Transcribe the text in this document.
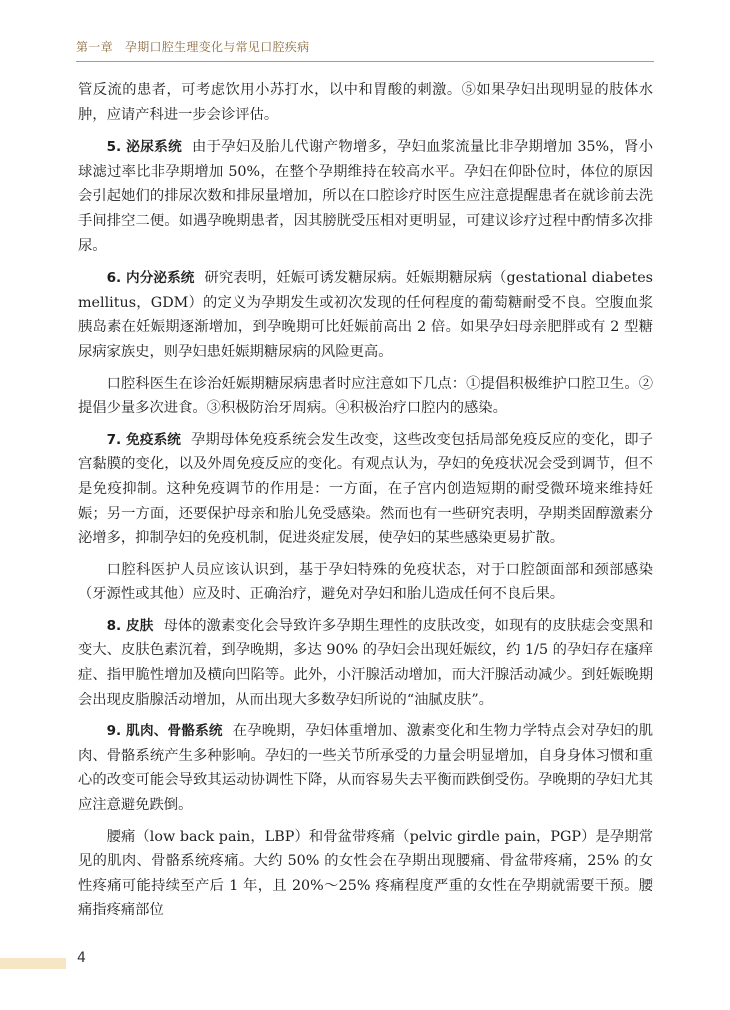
第一章 孕期口腔生理变化与常见口腔疾病

管反流的患者，可考虑饮用小苏打水，以中和胃酸的刺激。⑤如果孕妇出现明显的肢体水肿，应请产科进一步会诊评估。

5. 泌尿系统 由于孕妇及胎儿代谢产物增多，孕妇血浆流量比非孕期增加 35%，肾小球滤过率比非孕期增加 50%，在整个孕期维持在较高水平。孕妇在仰卧位时，体位的原因会引起她们的排尿次数和排尿量增加，所以在口腔诊疗时医生应注意提醒患者在就诊前去洗手间排空二便。如遇孕晚期患者，因其膀胱受压相对更明显，可建议诊疗过程中酌情多次排尿。

6. 内分泌系统 研究表明，妊娠可诱发糖尿病。妊娠期糖尿病（gestational diabetes mellitus，GDM）的定义为孕期发生或初次发现的任何程度的葡萄糖耐受不良。空腹血浆胰岛素在妊娠期逐渐增加，到孕晚期可比妊娠前高出 2 倍。如果孕妇母亲肥胖或有 2 型糖尿病家族史，则孕妇患妊娠期糖尿病的风险更高。

口腔科医生在诊治妊娠期糖尿病患者时应注意如下几点：①提倡积极维护口腔卫生。②提倡少量多次进食。③积极防治牙周病。④积极治疗口腔内的感染。

7. 免疫系统 孕期母体免疫系统会发生改变，这些改变包括局部免疫反应的变化，即子宫黏膜的变化，以及外周免疫反应的变化。有观点认为，孕妇的免疫状况会受到调节，但不是免疫抑制。这种免疫调节的作用是：一方面，在子宫内创造短期的耐受微环境来维持妊娠；另一方面，还要保护母亲和胎儿免受感染。然而也有一些研究表明，孕期类固醇激素分泌增多，抑制孕妇的免疫机制，促进炎症发展，使孕妇的某些感染更易扩散。

口腔科医护人员应该认识到，基于孕妇特殊的免疫状态，对于口腔颌面部和颈部感染（牙源性或其他）应及时、正确治疗，避免对孕妇和胎儿造成任何不良后果。

8. 皮肤 母体的激素变化会导致许多孕期生理性的皮肤改变，如现有的皮肤痣会变黑和变大、皮肤色素沉着，到孕晚期，多达 90% 的孕妇会出现妊娠纹，约 1/5 的孕妇存在瘙痒症、指甲脆性增加及横向凹陷等。此外，小汗腺活动增加，而大汗腺活动减少。到妊娠晚期会出现皮脂腺活动增加，从而出现大多数孕妇所说的“油腻皮肤”。

9. 肌肉、骨骼系统 在孕晚期，孕妇体重增加、激素变化和生物力学特点会对孕妇的肌肉、骨骼系统产生多种影响。孕妇的一些关节所承受的力量会明显增加，自身身体习惯和重心的改变可能会导致其运动协调性下降，从而容易失去平衡而跌倒受伤。孕晚期的孕妇尤其应注意避免跌倒。

腰痛（low back pain，LBP）和骨盆带疼痛（pelvic girdle pain，PGP）是孕期常见的肌肉、骨骼系统疼痛。大约 50% 的女性会在孕期出现腰痛、骨盆带疼痛，25% 的女性疼痛可能持续至产后 1 年，且 20%～25% 疼痛程度严重的女性在孕期就需要干预。腰痛指疼痛部位

4
